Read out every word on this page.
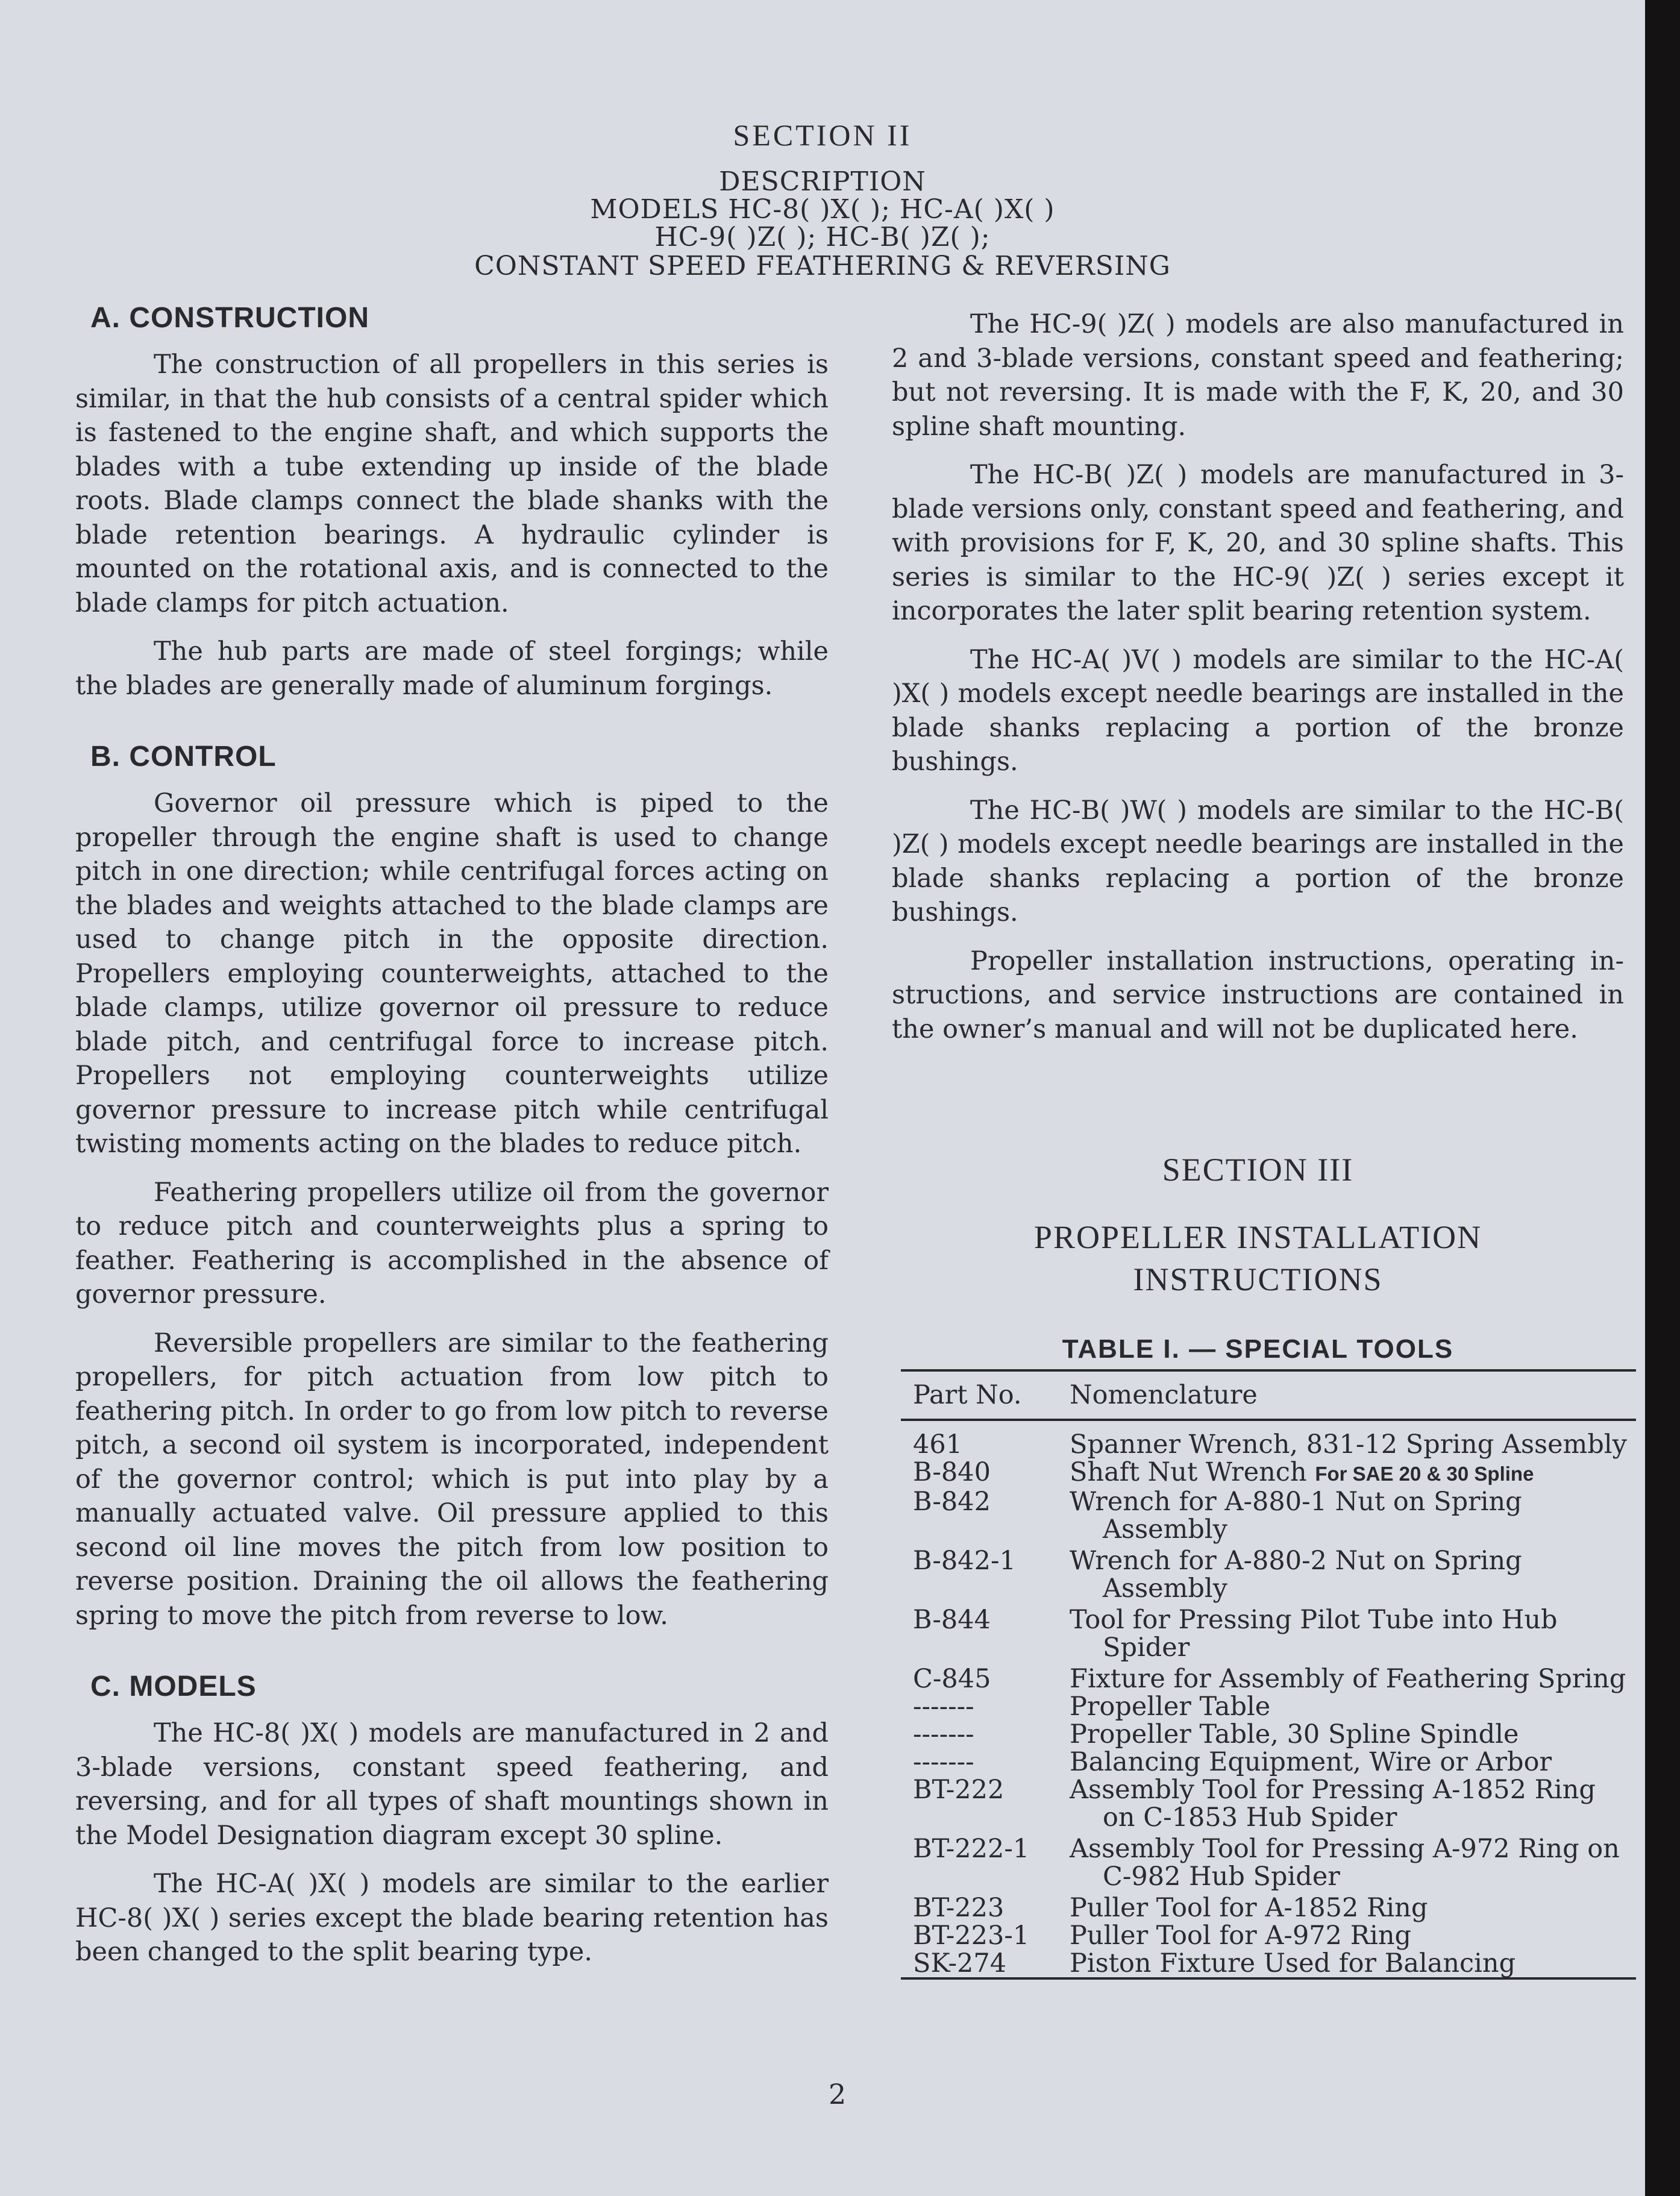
SECTION II
DESCRIPTION
MODELS HC-8( )X( ); HC-A( )X( )
HC-9( )Z( ); HC-B( )Z( );
CONSTANT SPEED FEATHERING & REVERSING
A. CONSTRUCTION

The construction of all propellers in this series is similar, in that the hub consists of a central spider which is fastened to the engine shaft, and which supports the blades with a tube extending up inside of the blade roots. Blade clamps connect the blade shanks with the blade retention bearings. A hydraulic cylinder is mounted on the rotational axis, and is connected to the blade clamps for pitch actuation.

The hub parts are made of steel forgings; while the blades are generally made of aluminum forgings.

B. CONTROL

Governor oil pressure which is piped to the propeller through the engine shaft is used to change pitch in one direction; while centrifugal forces acting on the blades and weights attached to the blade clamps are used to change pitch in the opposite direction. Propellers employing counterweights, attached to the blade clamps, utilize governor oil pressure to reduce blade pitch, and centrifugal force to increase pitch. Propellers not employing counterweights utilize governor pressure to increase pitch while centrifugal twisting moments acting on the blades to reduce pitch.

Feathering propellers utilize oil from the governor to reduce pitch and counterweights plus a spring to feather. Feathering is accomplished in the absence of governor pressure.

Reversible propellers are similar to the feathering propellers, for pitch actuation from low pitch to feathering pitch. In order to go from low pitch to reverse pitch, a second oil system is incorporated, independent of the governor control; which is put into play by a manually actuated valve. Oil pressure applied to this second oil line moves the pitch from low position to reverse position. Draining the oil allows the feathering spring to move the pitch from reverse to low.

C. MODELS

The HC-8( )X( ) models are manufactured in 2 and 3-blade versions, constant speed feathering, and reversing, and for all types of shaft mountings shown in the Model Designation diagram except 30 spline.

The HC-A( )X( ) models are similar to the earlier HC-8( )X( ) series except the blade bearing retention has been changed to the split bearing type.

The HC-9( )Z( ) models are also manufactured in 2 and 3-blade versions, constant speed and feathering; but not reversing. It is made with the F, K, 20, and 30 spline shaft mounting.

The HC-B( )Z( ) models are manufactured in 3-blade versions only, constant speed and feathering, and with provisions for F, K, 20, and 30 spline shafts. This series is similar to the HC-9( )Z( ) series except it incorporates the later split bearing retention system.

The HC-A( )V( ) models are similar to the HC-A( )X( ) models except needle bearings are installed in the blade shanks replacing a portion of the bronze bushings.

The HC-B( )W( ) models are similar to the HC-B( )Z( ) models except needle bearings are installed in the blade shanks replacing a portion of the bronze bushings.

Propeller installation instructions, operating instructions, and service instructions are contained in the owner’s manual and will not be duplicated here.

SECTION III
PROPELLER INSTALLATION
INSTRUCTIONS
TABLE I. — SPECIAL TOOLS
Part No.	Nomenclature
461	Spanner Wrench, 831-12 Spring Assembly

B-840	Shaft Nut Wrench For SAE 20 & 30 Spline
B-842	Wrench for A-880-1 Nut on Spring Assembly

B-842-1	Wrench for A-880-2 Nut on Spring Assembly

B-844	Tool for Pressing Pilot Tube into Hub Spider

C-845	Fixture for Assembly of Feathering Spring

-------	Propeller Table

-------	Propeller Table, 30 Spline Spindle

-------	Balancing Equipment, Wire or Arbor

BT-222	Assembly Tool for Pressing A-1852 Ring on C-1853 Hub Spider

BT-222-1	Assembly Tool for Pressing A-972 Ring on C-982 Hub Spider

BT-223	Puller Tool for A-1852 Ring

BT-223-1	Puller Tool for A-972 Ring

SK-274	Piston Fixture Used for Balancing

2
